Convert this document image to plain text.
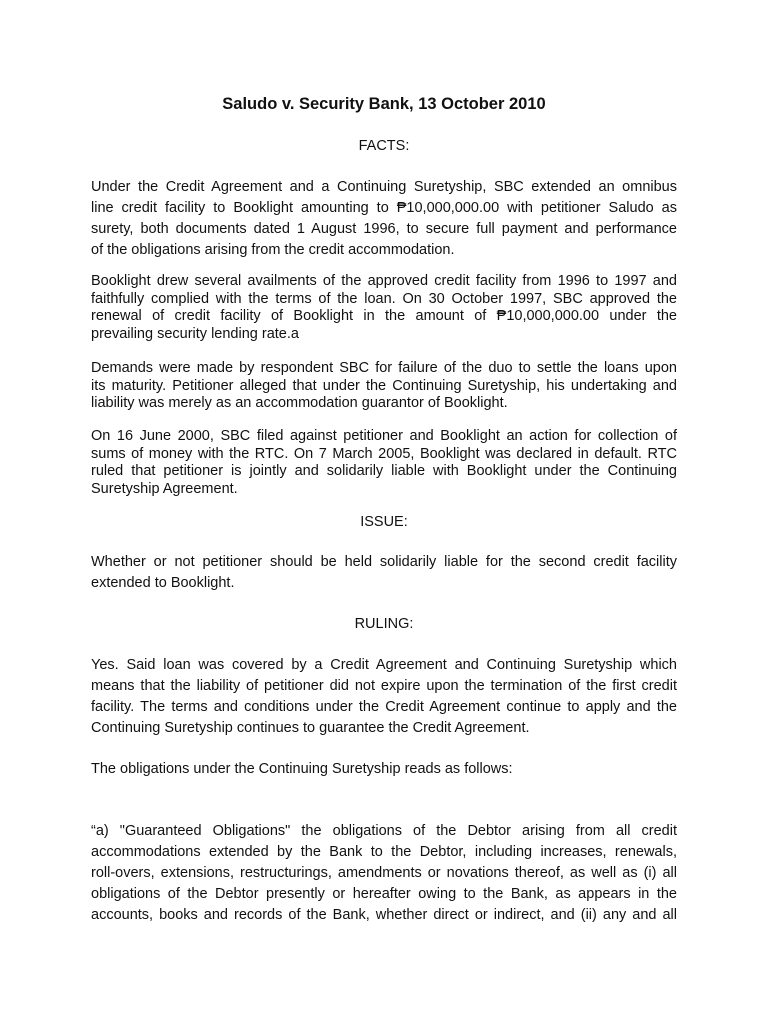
Saludo v. Security Bank, 13 October 2010
FACTS:
Under the Credit Agreement and a Continuing Suretyship, SBC extended an omnibus
line credit facility to Booklight amounting to ₱10,000,000.00 with petitioner Saludo as
surety, both documents dated 1 August 1996, to secure full payment and performance
of the obligations arising from the credit accommodation.
Booklight drew several availments of the approved credit facility from 1996 to 1997 and
faithfully complied with the terms of the loan. On 30 October 1997, SBC approved the
renewal of credit facility of Booklight in the amount of ₱10,000,000.00 under the
prevailing security lending rate.a
Demands were made by respondent SBC for failure of the duo to settle the loans upon
its maturity. Petitioner alleged that under the Continuing Suretyship, his undertaking and
liability was merely as an accommodation guarantor of Booklight.
On 16 June 2000, SBC filed against petitioner and Booklight an action for collection of
sums of money with the RTC. On 7 March 2005, Booklight was declared in default. RTC
ruled that petitioner is jointly and solidarily liable with Booklight under the Continuing
Suretyship Agreement.
ISSUE:
Whether or not petitioner should be held solidarily liable for the second credit facility
extended to Booklight.
RULING:
Yes. Said loan was covered by a Credit Agreement and Continuing Suretyship which
means that the liability of petitioner did not expire upon the termination of the first credit
facility. The terms and conditions under the Credit Agreement continue to apply and the
Continuing Suretyship continues to guarantee the Credit Agreement.
The obligations under the Continuing Suretyship reads as follows:
“a) "Guaranteed Obligations" the obligations of the Debtor arising from all credit
accommodations extended by the Bank to the Debtor, including increases, renewals,
roll-overs, extensions, restructurings, amendments or novations thereof, as well as (i) all
obligations of the Debtor presently or hereafter owing to the Bank, as appears in the
accounts, books and records of the Bank, whether direct or indirect, and (ii) any and all
